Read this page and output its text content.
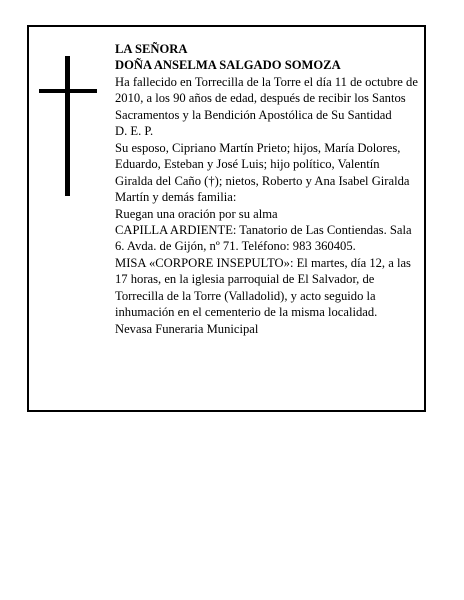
LA SEÑORA

DOÑA ANSELMA SALGADO SOMOZA

Ha fallecido en Torrecilla de la Torre el día 11 de octubre de 2010, a los 90 años de edad, después de recibir los Santos Sacramentos y la Bendición Apostólica de Su Santidad

D. E. P.

Su esposo, Cipriano Martín Prieto; hijos, María Dolores, Eduardo, Esteban y José Luis; hijo político, Valentín Giralda del Caño (†); nietos, Roberto y Ana Isabel Giralda Martín y demás familia:

Ruegan una oración por su alma

CAPILLA ARDIENTE: Tanatorio de Las Contiendas. Sala 6. Avda. de Gijón, nº 71. Teléfono: 983 360405.

MISA «CORPORE INSEPULTO»: El martes, día 12, a las 17 horas, en la iglesia parroquial de El Salvador, de Torrecilla de la Torre (Valladolid), y acto seguido la inhumación en el cementerio de la misma localidad.

Nevasa Funeraria Municipal
